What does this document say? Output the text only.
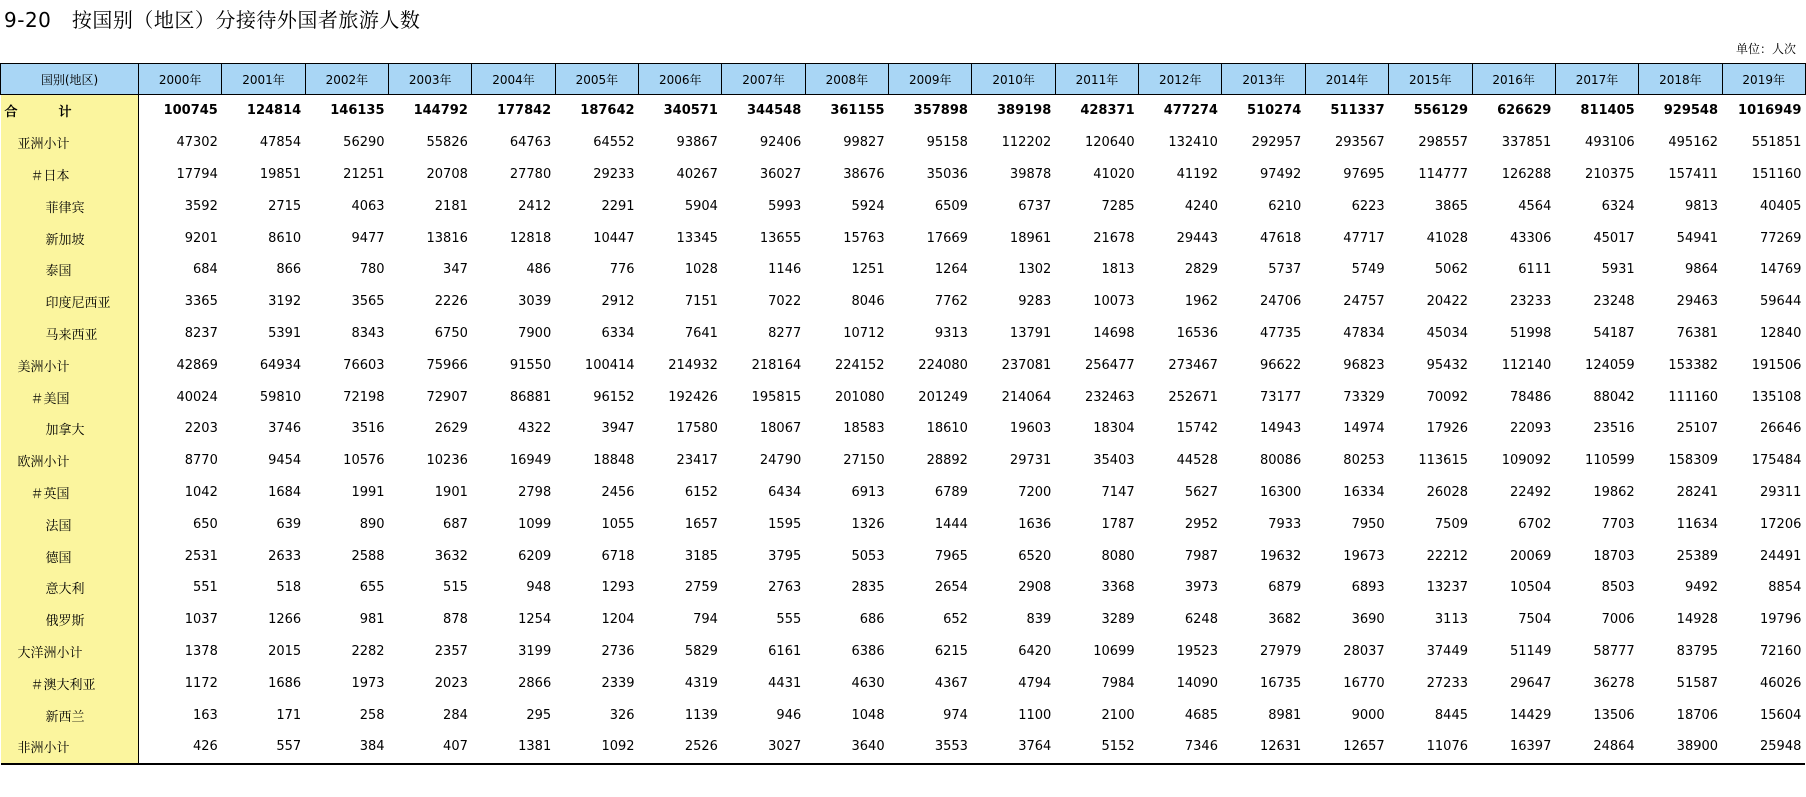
9-20　按国别（地区）分接待外国者旅游人数
单位：人次
国别(地区)	2000年	2001年	2002年	2003年	2004年	2005年	2006年	2007年	2008年	2009年	2010年	2011年	2012年	2013年	2014年	2015年	2016年	2017年	2018年	2019年
合　计	100745	124814	146135	144792	177842	187642	340571	344548	361155	357898	389198	428371	477274	510274	511337	556129	626629	811405	929548	1016949
亚洲小计	47302	47854	56290	55826	64763	64552	93867	92406	99827	95158	112202	120640	132410	292957	293567	298557	337851	493106	495162	551851
＃日本	17794	19851	21251	20708	27780	29233	40267	36027	38676	35036	39878	41020	41192	97492	97695	114777	126288	210375	157411	151160
菲律宾	3592	2715	4063	2181	2412	2291	5904	5993	5924	6509	6737	7285	4240	6210	6223	3865	4564	6324	9813	40405
新加坡	9201	8610	9477	13816	12818	10447	13345	13655	15763	17669	18961	21678	29443	47618	47717	41028	43306	45017	54941	77269
泰国	684	866	780	347	486	776	1028	1146	1251	1264	1302	1813	2829	5737	5749	5062	6111	5931	9864	14769
印度尼西亚	3365	3192	3565	2226	3039	2912	7151	7022	8046	7762	9283	10073	1962	24706	24757	20422	23233	23248	29463	59644
马来西亚	8237	5391	8343	6750	7900	6334	7641	8277	10712	9313	13791	14698	16536	47735	47834	45034	51998	54187	76381	12840
美洲小计	42869	64934	76603	75966	91550	100414	214932	218164	224152	224080	237081	256477	273467	96622	96823	95432	112140	124059	153382	191506
＃美国	40024	59810	72198	72907	86881	96152	192426	195815	201080	201249	214064	232463	252671	73177	73329	70092	78486	88042	111160	135108
加拿大	2203	3746	3516	2629	4322	3947	17580	18067	18583	18610	19603	18304	15742	14943	14974	17926	22093	23516	25107	26646
欧洲小计	8770	9454	10576	10236	16949	18848	23417	24790	27150	28892	29731	35403	44528	80086	80253	113615	109092	110599	158309	175484
＃英国	1042	1684	1991	1901	2798	2456	6152	6434	6913	6789	7200	7147	5627	16300	16334	26028	22492	19862	28241	29311
法国	650	639	890	687	1099	1055	1657	1595	1326	1444	1636	1787	2952	7933	7950	7509	6702	7703	11634	17206
德国	2531	2633	2588	3632	6209	6718	3185	3795	5053	7965	6520	8080	7987	19632	19673	22212	20069	18703	25389	24491
意大利	551	518	655	515	948	1293	2759	2763	2835	2654	2908	3368	3973	6879	6893	13237	10504	8503	9492	8854
俄罗斯	1037	1266	981	878	1254	1204	794	555	686	652	839	3289	6248	3682	3690	3113	7504	7006	14928	19796
大洋洲小计	1378	2015	2282	2357	3199	2736	5829	6161	6386	6215	6420	10699	19523	27979	28037	37449	51149	58777	83795	72160
＃澳大利亚	1172	1686	1973	2023	2866	2339	4319	4431	4630	4367	4794	7984	14090	16735	16770	27233	29647	36278	51587	46026
新西兰	163	171	258	284	295	326	1139	946	1048	974	1100	2100	4685	8981	9000	8445	14429	13506	18706	15604
非洲小计	426	557	384	407	1381	1092	2526	3027	3640	3553	3764	5152	7346	12631	12657	11076	16397	24864	38900	25948
